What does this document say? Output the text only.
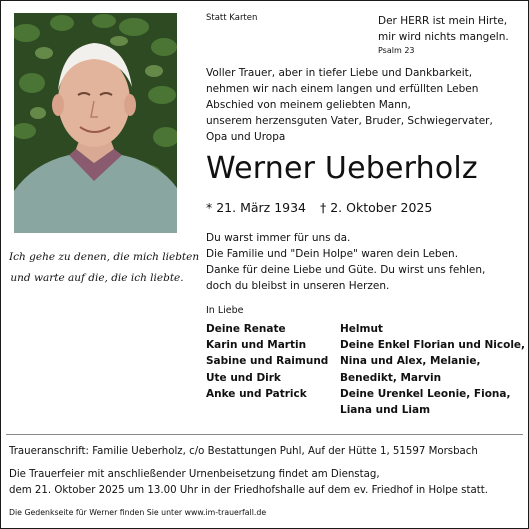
Ich gehe zu denen, die mich liebten
und warte auf die, die ich liebte.
Statt Karten	Der HERR ist mein Hirte,
mir wird nichts mangeln.
Psalm 23
Voller Trauer, aber in tiefer Liebe und Dankbarkeit,
nehmen wir nach einem langen und erfüllten Leben
Abschied von meinem geliebten Mann,
unserem herzensguten Vater, Bruder, Schwiegervater,
Opa und Uropa
Werner Ueberholz
* 21. März 1934 † 2. Oktober 2025
Du warst immer für uns da.
Die Familie und "Dein Holpe" waren dein Leben.
Danke für deine Liebe und Güte. Du wirst uns fehlen,
doch du bleibst in unseren Herzen.
In Liebe
Deine Renate
Karin und Martin
Sabine und Raimund
Ute und Dirk
Anke und Patrick
Helmut
Deine Enkel Florian und Nicole,
Nina und Alex, Melanie,
Benedikt, Marvin
Deine Urenkel Leonie, Fiona,
Liana und Liam
Traueranschrift: Familie Ueberholz, c/o Bestattungen Puhl, Auf der Hütte 1, 51597 Morsbach
Die Trauerfeier mit anschließender Urnenbeisetzung findet am Dienstag,
dem 21. Oktober 2025 um 13.00 Uhr in der Friedhofshalle auf dem ev. Friedhof in Holpe statt.
Die Gedenkseite für Werner finden Sie unter www.im-trauerfall.de
